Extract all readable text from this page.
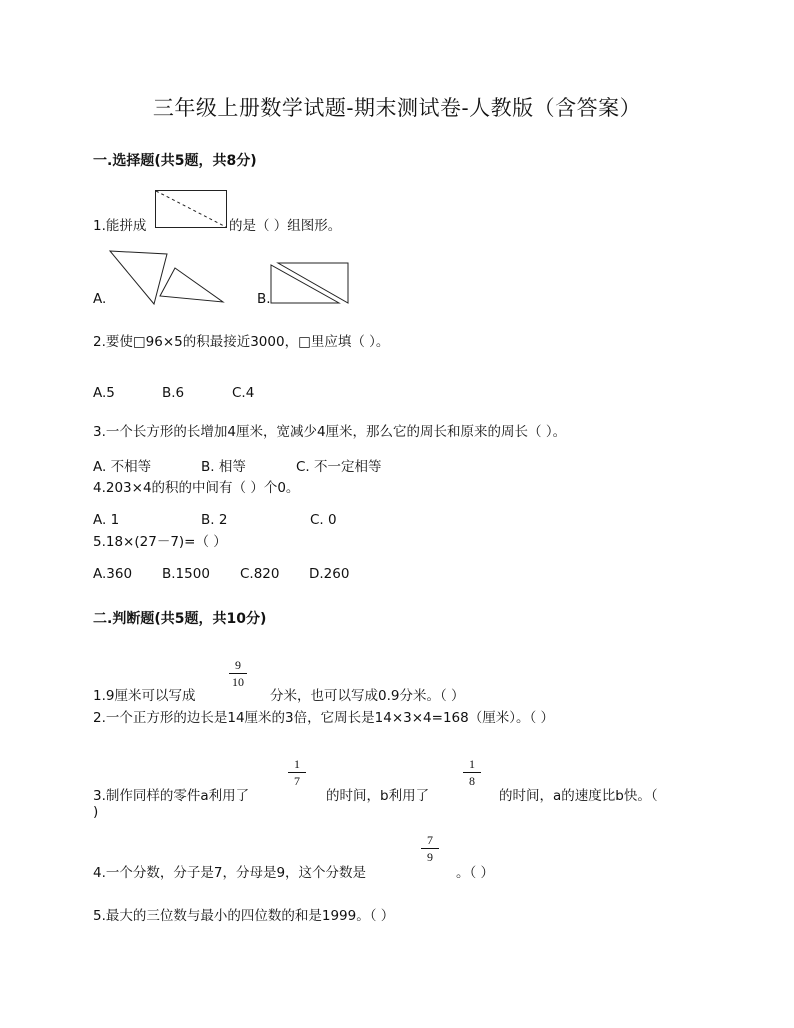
三年级上册数学试题-期末测试卷-人教版（含答案）
一.选择题(共5题，共8分)
1.能拼成	的是（ ）组图形。
A.	B.
2.要使□96×5的积最接近3000，□里应填（ ）。
A.5	B.6	C.4
3.一个长方形的长增加4厘米，宽减少4厘米，那么它的周长和原来的周长（ ）。
A. 不相等	B. 相等	C. 不一定相等
4.203×4的积的中间有（ ）个0。
A. 1	B. 2	C. 0
5.18×(27－7)=（ ）
A.360 B.1500 C.820 D.260
二.判断题(共5题，共10分)
1.9厘米可以写成
9
10
分米，也可以写成0.9分米。（ ）
2.一个正方形的边长是14厘米的3倍，它周长是14×3×4=168（厘米）。（ ）
3.制作同样的零件a利用了
1
7
的时间，b利用了
1
8
的时间，a的速度比b快。（
)
4.一个分数，分子是7，分母是9，这个分数是
7
9
。（ ）
5.最大的三位数与最小的四位数的和是1999。（ ）
